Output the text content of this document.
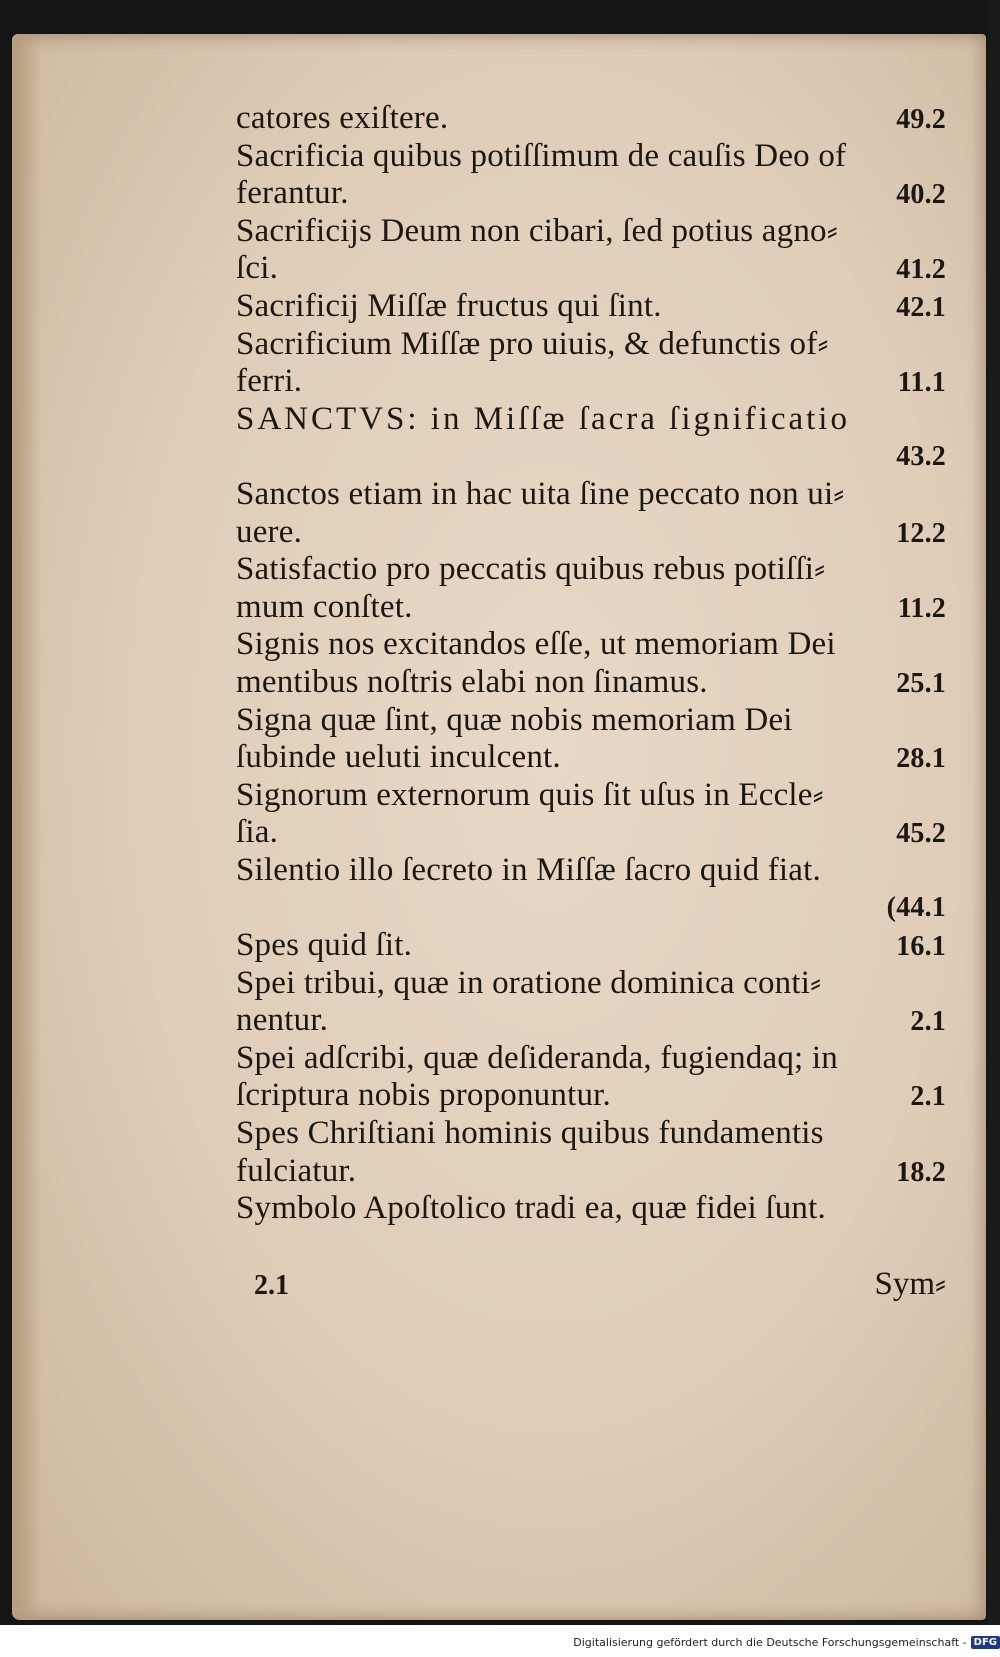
catores exiſtere.	49.2
Sacrificia quibus potiſſimum de cauſis Deo of
ferantur.	40.2
Sacrificijs Deum non cibari, ſed potius agno⸗
ſci.	41.2
Sacrificij Miſſæ fructus qui ſint.	42.1
Sacrificium Miſſæ pro uiuis, & defunctis of⸗
ferri.	11.1
SANCTVS: in Miſſæ ſacra ſignificatio
43.2
Sanctos etiam in hac uita ſine peccato non ui⸗
uere.	12.2
Satisfactio pro peccatis quibus rebus potiſſi⸗
mum conſtet.	11.2
Signis nos excitandos eſſe, ut memoriam Dei
mentibus noſtris elabi non ſinamus.	25.1
Signa quæ ſint, quæ nobis memoriam Dei
ſubinde ueluti inculcent.	28.1
Signorum externorum quis ſit uſus in Eccle⸗
ſia.	45.2
Silentio illo ſecreto in Miſſæ ſacro quid fiat.
(44.1
Spes quid ſit.	16.1
Spei tribui, quæ in oratione dominica conti⸗
nentur.	2.1
Spei adſcribi, quæ deſideranda, fugiendaq; in
ſcriptura nobis proponuntur.	2.1
Spes Chriſtiani hominis quibus fundamentis
fulciatur.	18.2
Symbolo Apoſtolico tradi ea, quæ fidei ſunt.
2.1	Sym⸗
Digitalisierung gefördert durch die Deutsche Forschungsgemeinschaft - DFG
